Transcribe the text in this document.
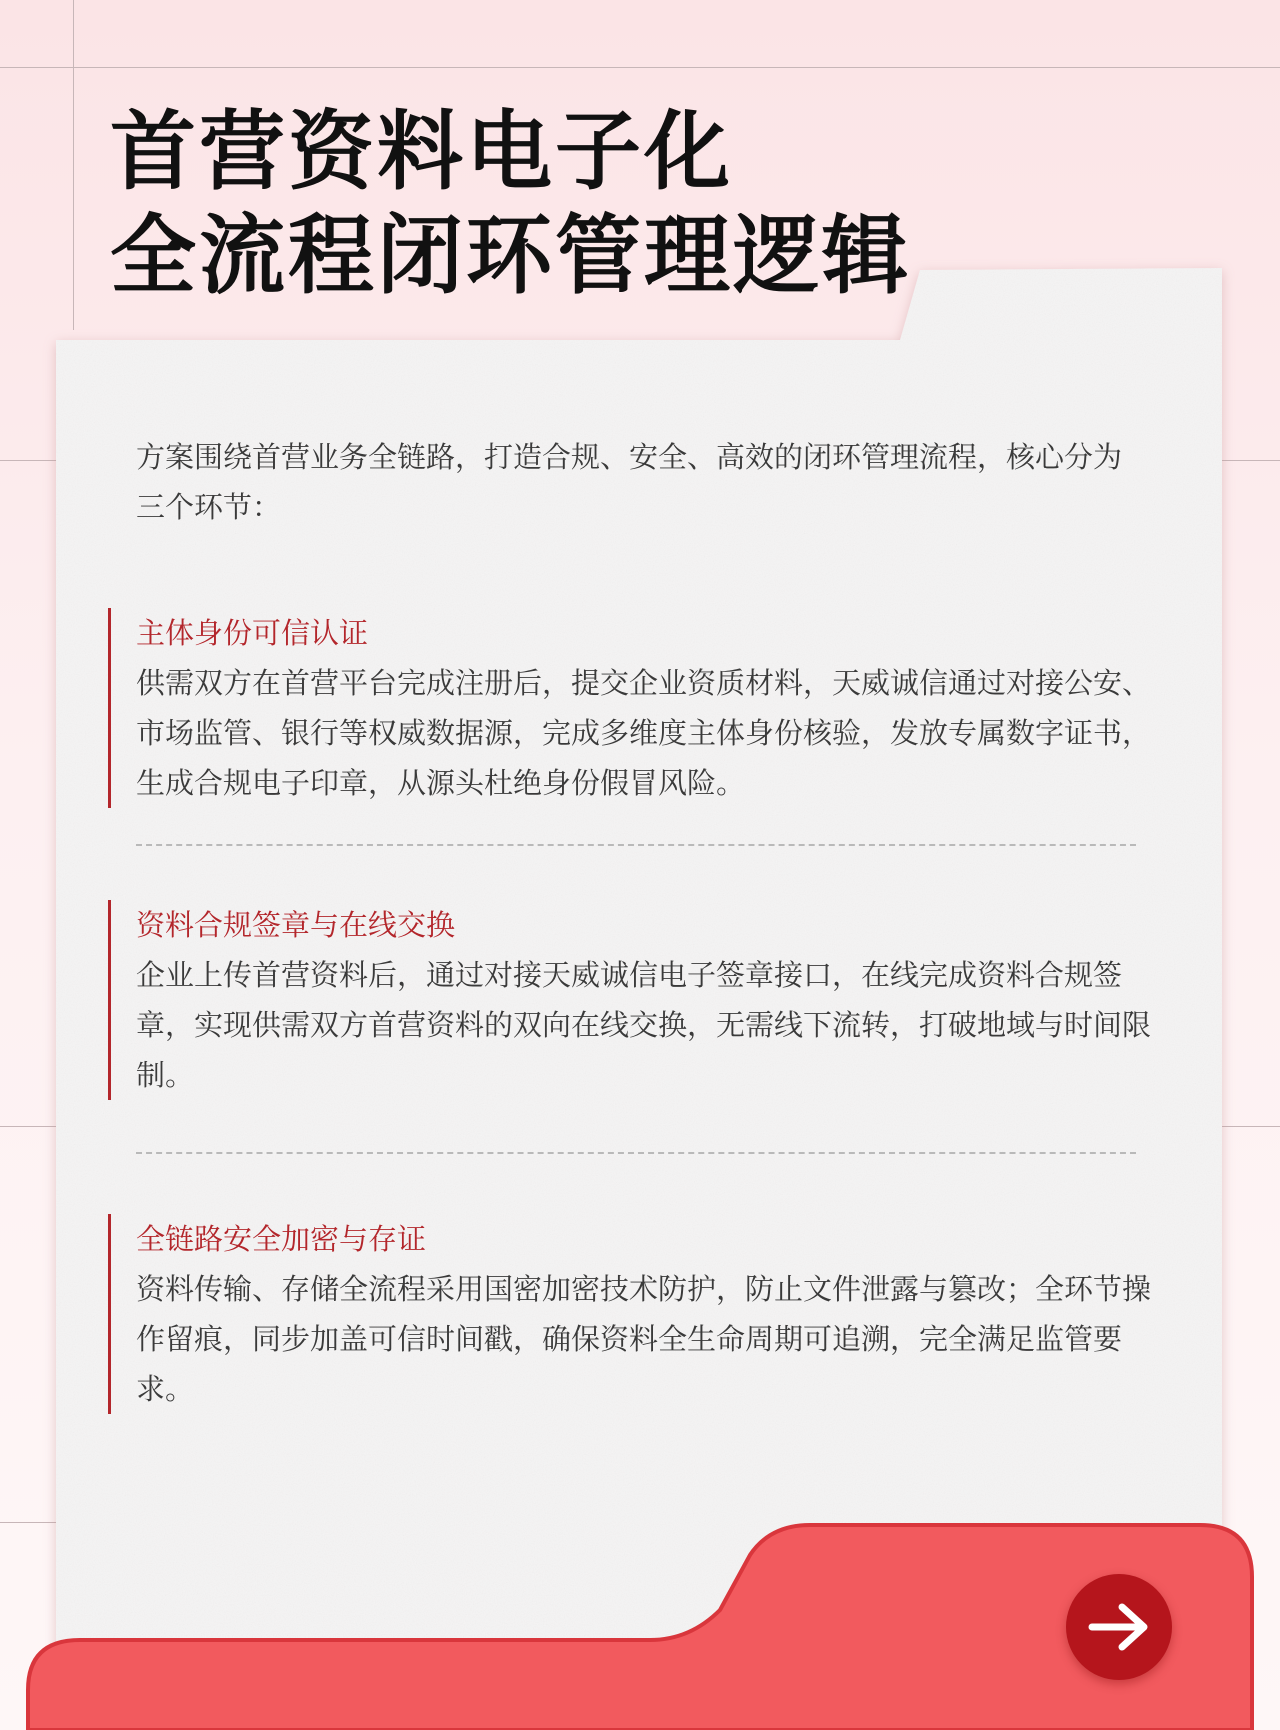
首营资料电子化
全流程闭环管理逻辑

方案围绕首营业务全链路，打造合规、安全、高效的闭环管理流程，核心分为三个环节：

主体身份可信认证

供需双方在首营平台完成注册后，提交企业资质材料，天威诚信通过对接公安、市场监管、银行等权威数据源，完成多维度主体身份核验，发放专属数字证书，生成合规电子印章，从源头杜绝身份假冒风险。

资料合规签章与在线交换

企业上传首营资料后，通过对接天威诚信电子签章接口，在线完成资料合规签章，实现供需双方首营资料的双向在线交换，无需线下流转，打破地域与时间限制。

全链路安全加密与存证

资料传输、存储全流程采用国密加密技术防护，防止文件泄露与篡改；全环节操作留痕，同步加盖可信时间戳，确保资料全生命周期可追溯，完全满足监管要求。
